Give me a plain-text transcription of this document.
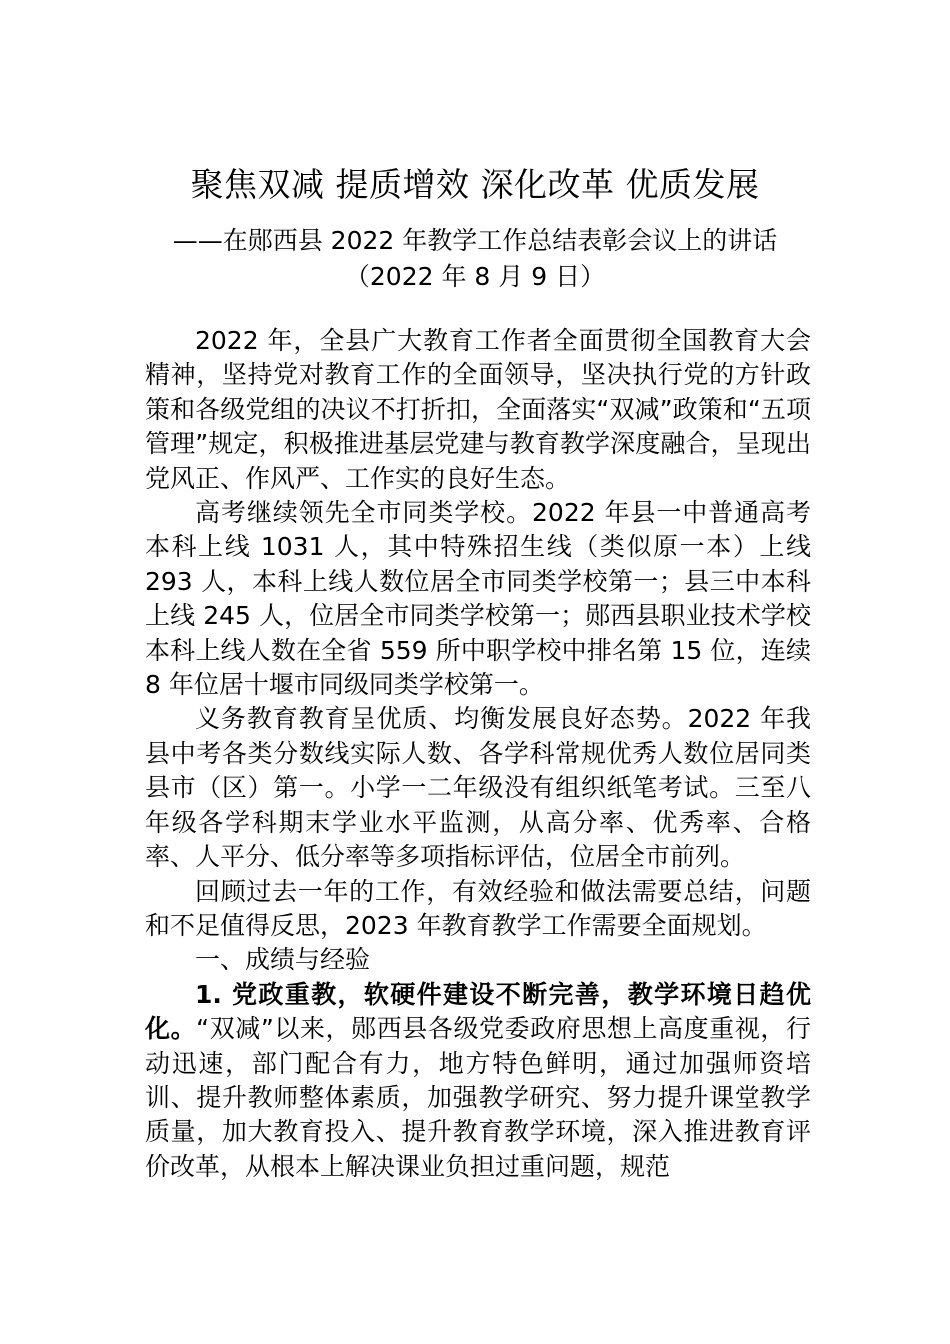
聚焦双减 提质增效 深化改革 优质发展

——在郧西县 2022 年教学工作总结表彰会议上的讲话

（2022 年 8 月 9 日）

2022 年，全县广大教育工作者全面贯彻全国教育大会精神，坚持党对教育工作的全面领导，坚决执行党的方针政策和各级党组的决议不打折扣，全面落实“双减”政策和“五项管理”规定，积极推进基层党建与教育教学深度融合，呈现出党风正、作风严、工作实的良好生态。

高考继续领先全市同类学校。2022 年县一中普通高考本科上线 1031 人，其中特殊招生线（类似原一本）上线 293 人，本科上线人数位居全市同类学校第一；县三中本科上线 245 人，位居全市同类学校第一；郧西县职业技术学校本科上线人数在全省 559 所中职学校中排名第 15 位，连续 8 年位居十堰市同级同类学校第一。

义务教育教育呈优质、均衡发展良好态势。2022 年我县中考各类分数线实际人数、各学科常规优秀人数位居同类县市（区）第一。小学一二年级没有组织纸笔考试。三至八年级各学科期末学业水平监测，从高分率、优秀率、合格率、人平分、低分率等多项指标评估，位居全市前列。

回顾过去一年的工作，有效经验和做法需要总结，问题和不足值得反思，2023 年教育教学工作需要全面规划。

一、成绩与经验

1. 党政重教，软硬件建设不断完善，教学环境日趋优化。“双减”以来，郧西县各级党委政府思想上高度重视，行动迅速，部门配合有力，地方特色鲜明，通过加强师资培训、提升教师整体素质，加强教学研究、努力提升课堂教学质量，加大教育投入、提升教育教学环境，深入推进教育评价改革，从根本上解决课业负担过重问题，规范
